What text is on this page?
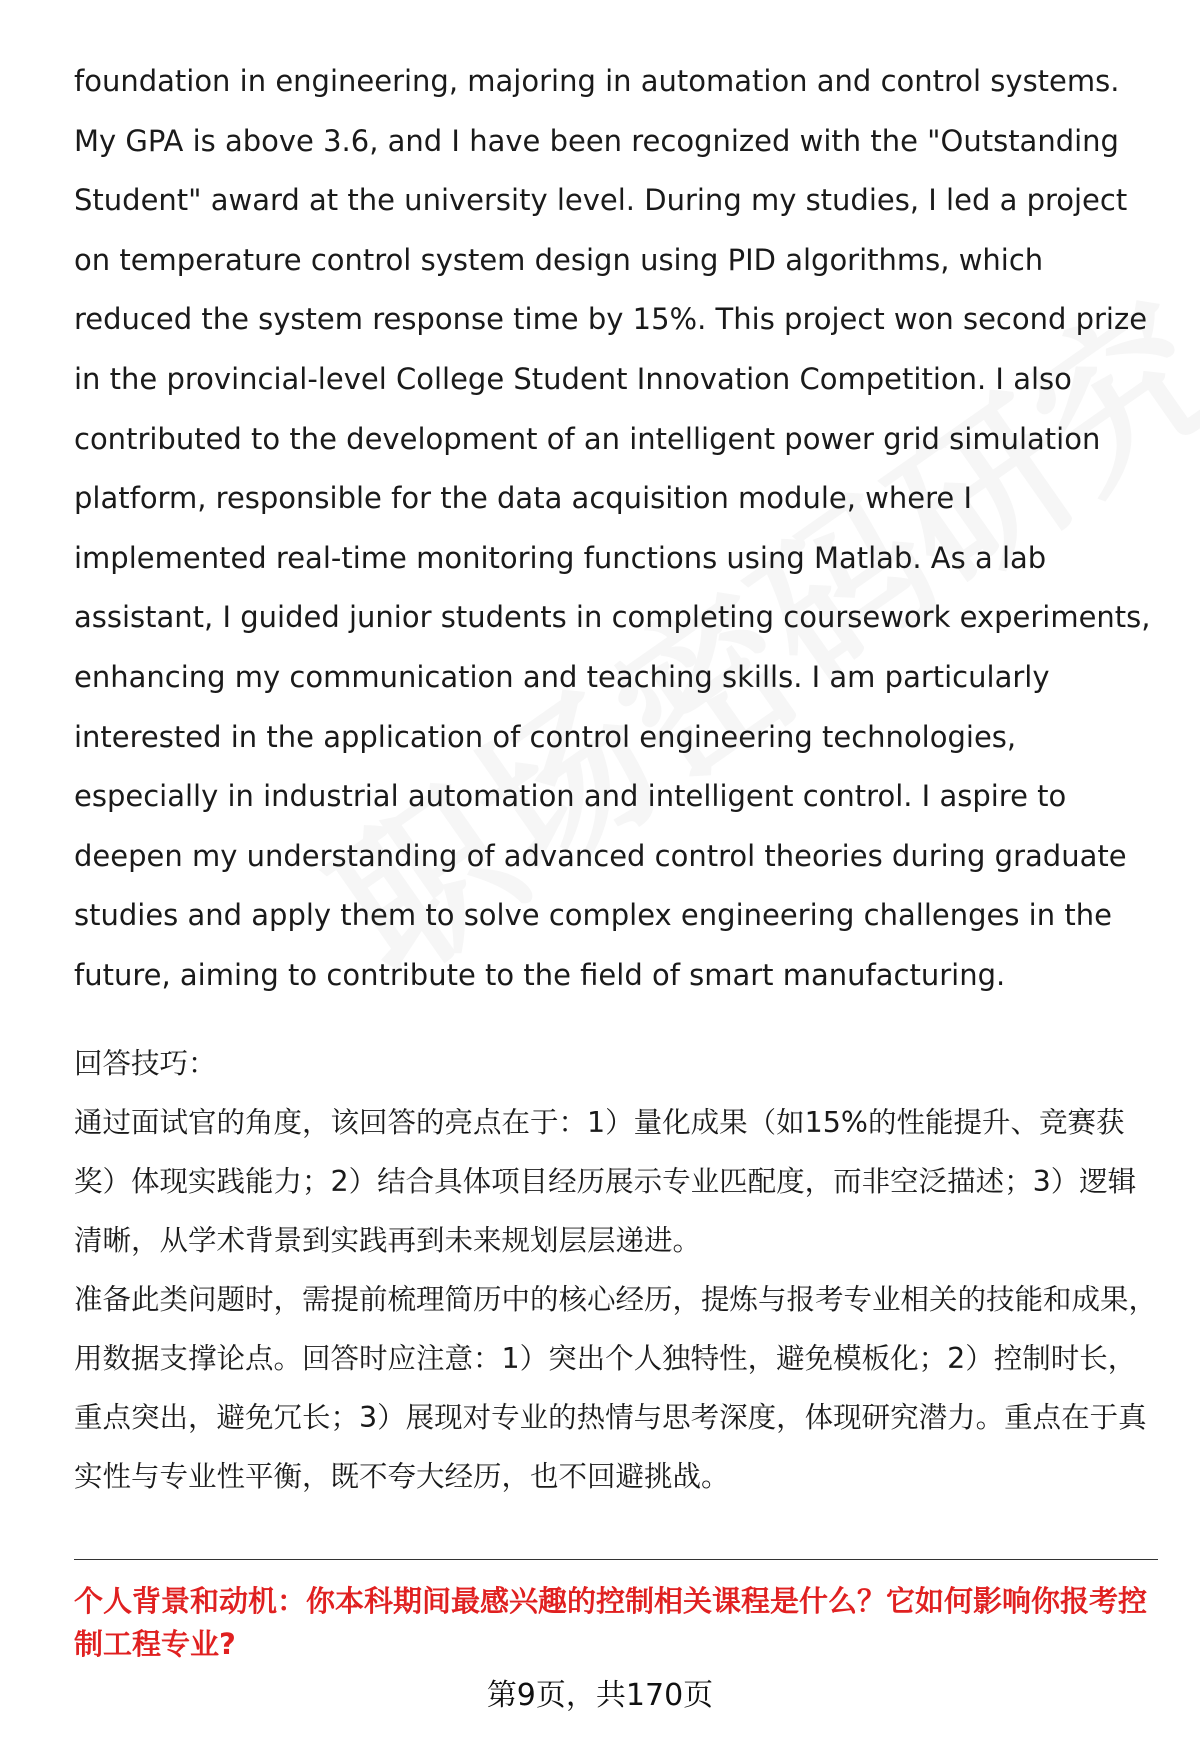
foundation in engineering, majoring in automation and control systems. My GPA is above 3.6, and I have been recognized with the "Outstanding Student" award at the university level. During my studies, I led a project on temperature control system design using PID algorithms, which reduced the system response time by 15%. This project won second prize in the provincial-level College Student Innovation Competition. I also contributed to the development of an intelligent power grid simulation platform, responsible for the data acquisition module, where I implemented real-time monitoring functions using Matlab. As a lab assistant, I guided junior students in completing coursework experiments, enhancing my communication and teaching skills. I am particularly interested in the application of control engineering technologies, especially in industrial automation and intelligent control. I aspire to deepen my understanding of advanced control theories during graduate studies and apply them to solve complex engineering challenges in the future, aiming to contribute to the field of smart manufacturing.

回答技巧：

通过面试官的角度，该回答的亮点在于：1）量化成果（如15%的性能提升、竞赛获奖）体现实践能力；2）结合具体项目经历展示专业匹配度，而非空泛描述；3）逻辑清晰，从学术背景到实践再到未来规划层层递进。

准备此类问题时，需提前梳理简历中的核心经历，提炼与报考专业相关的技能和成果，用数据支撑论点。回答时应注意：1）突出个人独特性，避免模板化；2）控制时长，重点突出，避免冗长；3）展现对专业的热情与思考深度，体现研究潜力。重点在于真实性与专业性平衡，既不夸大经历，也不回避挑战。

个人背景和动机：你本科期间最感兴趣的控制相关课程是什么？它如何影响你报考控制工程专业?

第9页，共170页
